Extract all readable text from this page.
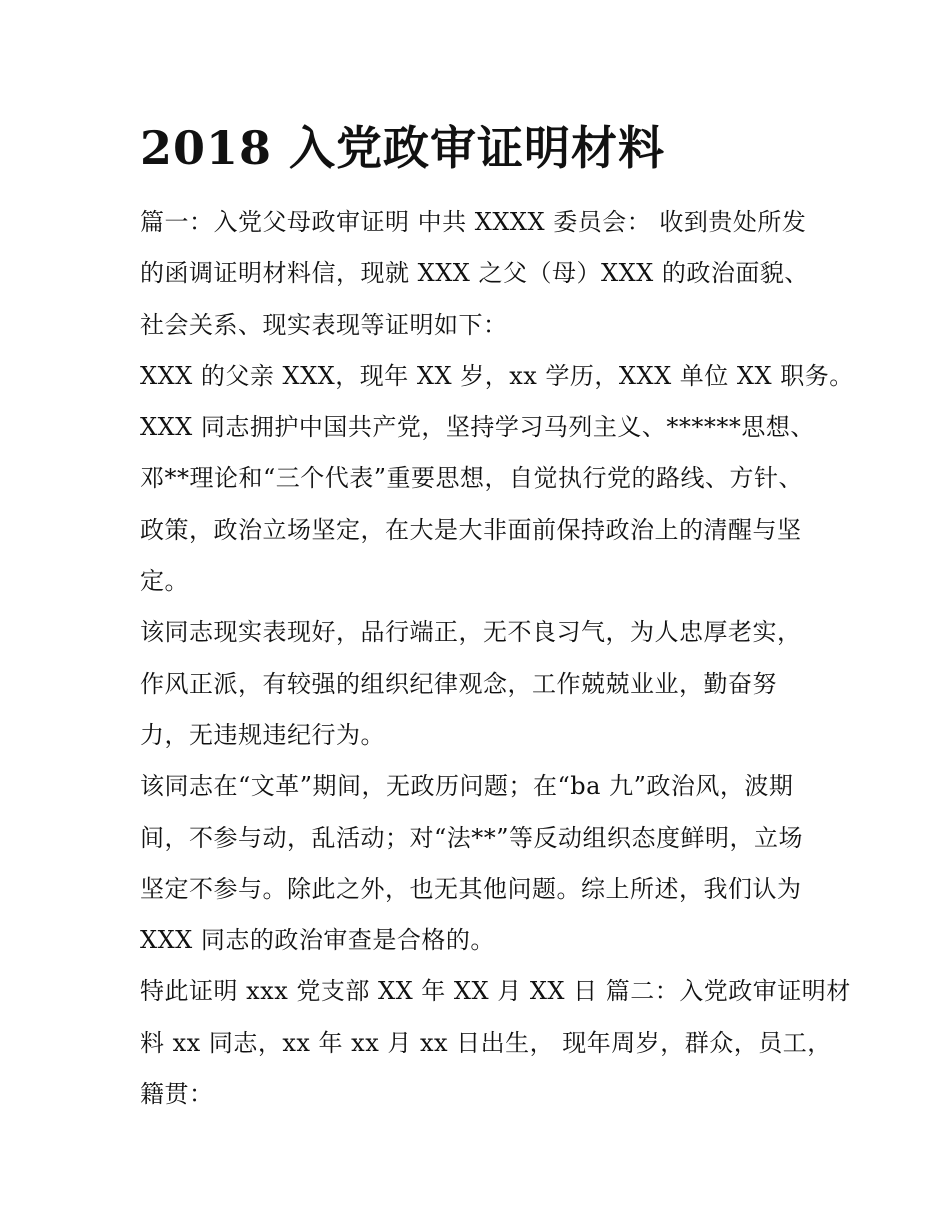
2018 入党政审证明材料
篇一：入党父母政审证明 中共 XXXX 委员会： 收到贵处所发
的函调证明材料信，现就 XXX 之父（母）XXX 的政治面貌、
社会关系、现实表现等证明如下：
XXX 的父亲 XXX，现年 XX 岁，xx 学历，XXX 单位 XX 职务。
XXX 同志拥护中国共产党，坚持学习马列主义、******思想、
邓**理论和“三个代表”重要思想，自觉执行党的路线、方针、
政策，政治立场坚定，在大是大非面前保持政治上的清醒与坚
定。
该同志现实表现好，品行端正，无不良习气，为人忠厚老实，
作风正派，有较强的组织纪律观念，工作兢兢业业，勤奋努
力，无违规违纪行为。
该同志在“文革”期间，无政历问题；在“ba 九”政治风，波期
间，不参与动，乱活动；对“法**”等反动组织态度鲜明，立场
坚定不参与。除此之外，也无其他问题。综上所述，我们认为
XXX 同志的政治审查是合格的。
特此证明 xxx 党支部 XX 年 XX 月 XX 日 篇二：入党政审证明材
料 xx 同志，xx 年 xx 月 xx 日出生， 现年周岁，群众，员工，
籍贯：
